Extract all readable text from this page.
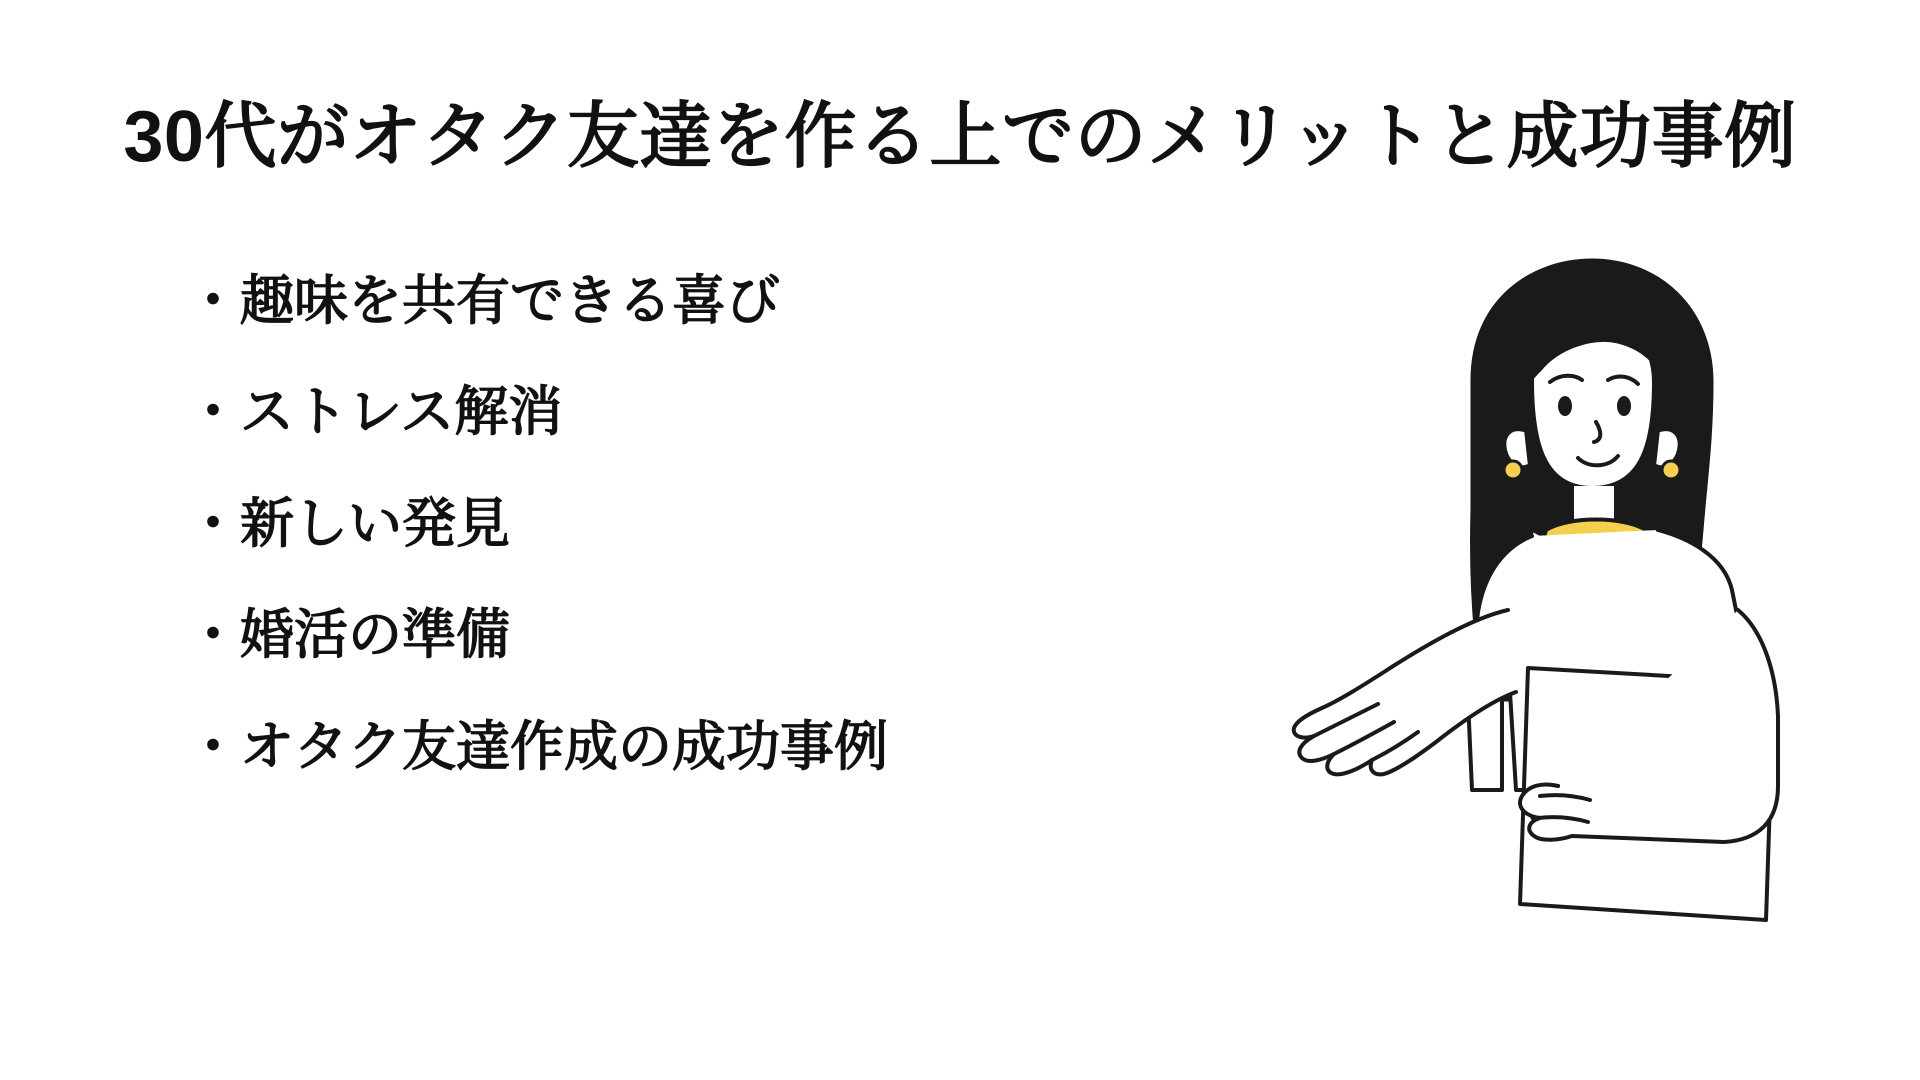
30代がオタク友達を作る上でのメリットと成功事例
・ 趣味を共有できる喜び
・ ストレス解消
・ 新しい発見
・ 婚活の準備
・ オタク友達作成の成功事例
